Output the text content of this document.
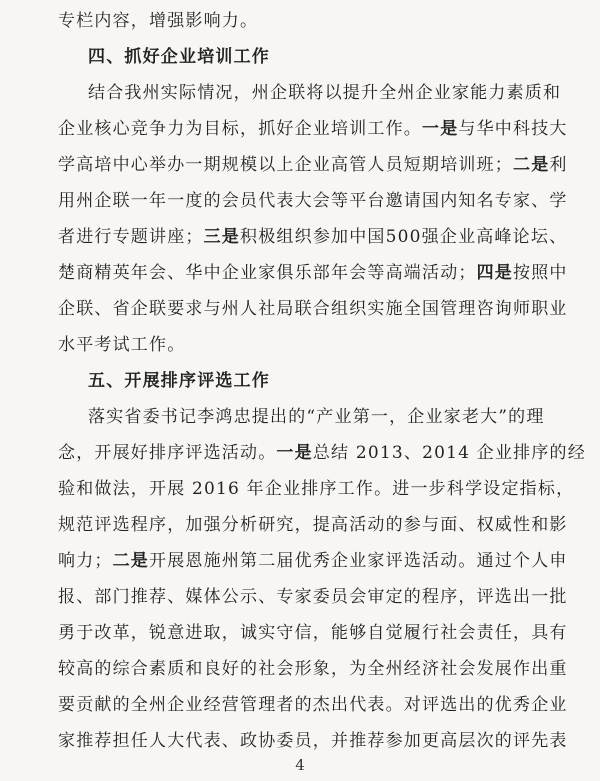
专栏内容，增强影响力。
四、抓好企业培训工作
结合我州实际情况，州企联将以提升全州企业家能力素质和
企业核心竞争力为目标，抓好企业培训工作。一是与华中科技大
学高培中心举办一期规模以上企业高管人员短期培训班；二是利
用州企联一年一度的会员代表大会等平台邀请国内知名专家、学
者进行专题讲座；三是积极组织参加中国500强企业高峰论坛、
楚商精英年会、华中企业家俱乐部年会等高端活动；四是按照中
企联、省企联要求与州人社局联合组织实施全国管理咨询师职业
水平考试工作。
五、开展排序评选工作
落实省委书记李鸿忠提出的“产业第一，企业家老大”的理
念，开展好排序评选活动。一是总结 2013、2014 企业排序的经
验和做法，开展 2016 年企业排序工作。进一步科学设定指标，
规范评选程序，加强分析研究，提高活动的参与面、权威性和影
响力；二是开展恩施州第二届优秀企业家评选活动。通过个人申
报、部门推荐、媒体公示、专家委员会审定的程序，评选出一批
勇于改革，锐意进取，诚实守信，能够自觉履行社会责任，具有
较高的综合素质和良好的社会形象，为全州经济社会发展作出重
要贡献的全州企业经营管理者的杰出代表。对评选出的优秀企业
家推荐担任人大代表、政协委员，并推荐参加更高层次的评先表
4
